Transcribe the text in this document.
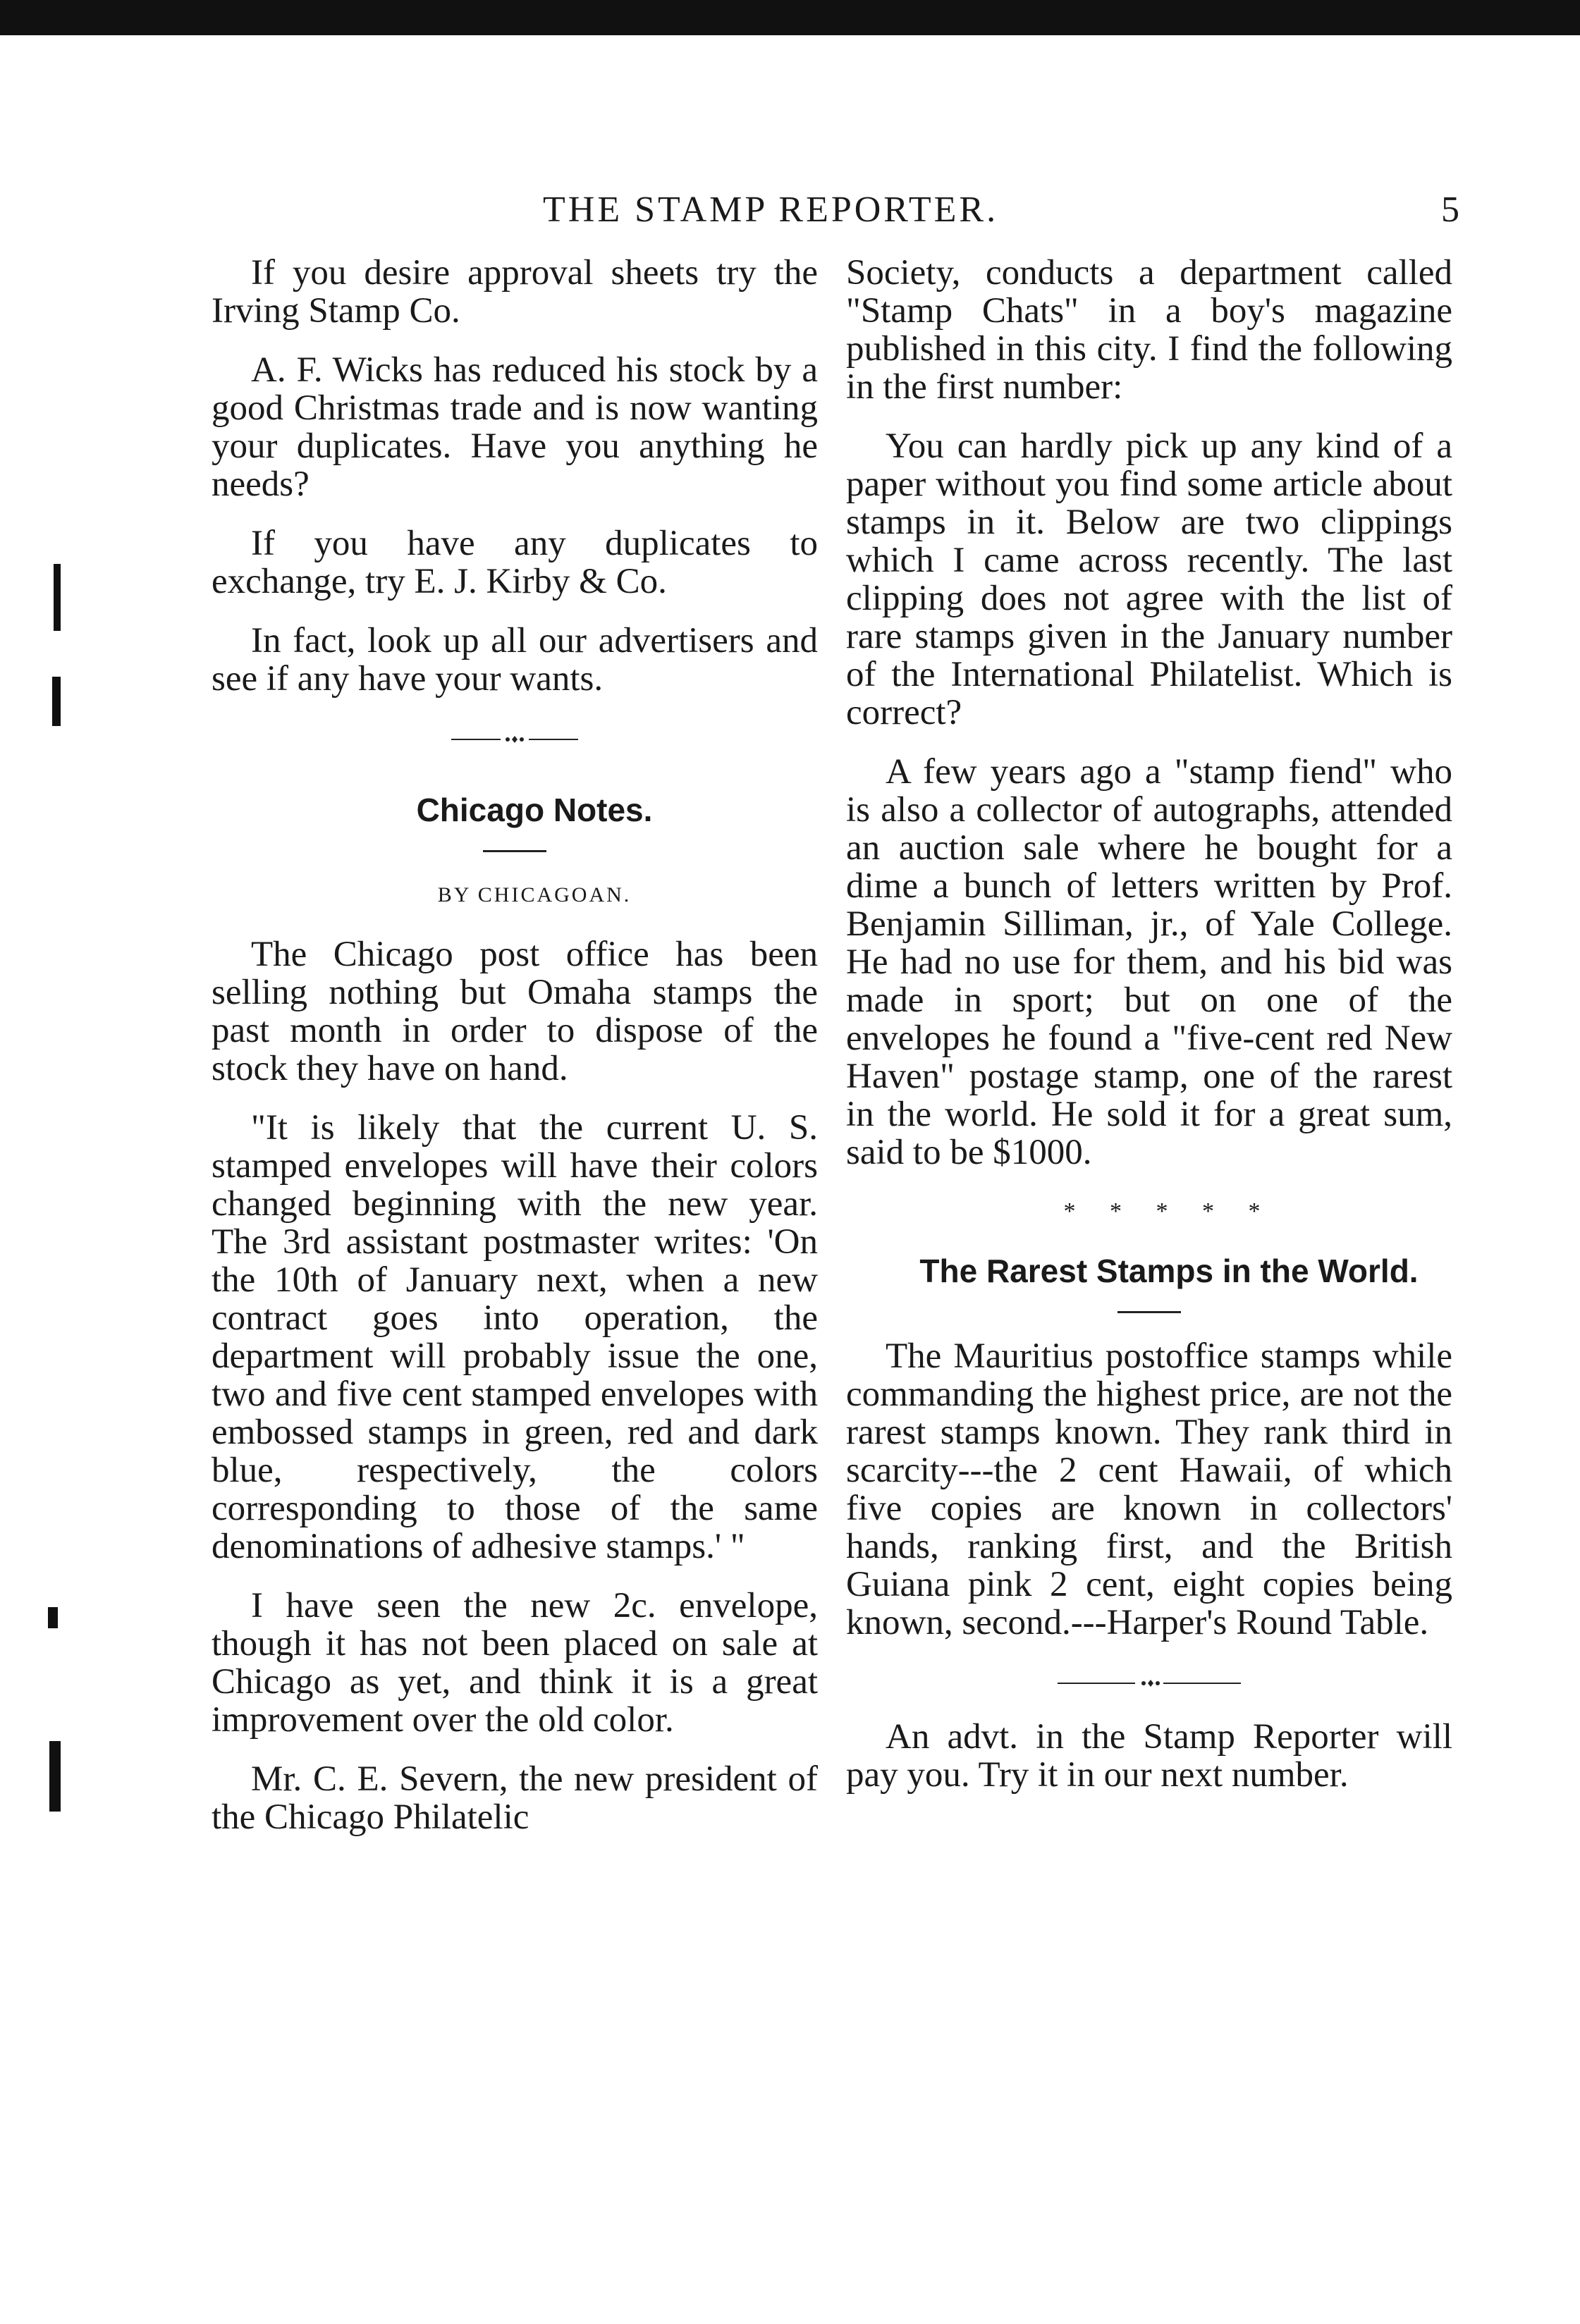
THE STAMP REPORTER.	5

If you desire approval sheets try the Irving Stamp Co.

A. F. Wicks has reduced his stock by a good Christmas trade and is now wanting your duplicates. Have you anything he needs?

If you have any duplicates to exchange, try E. J. Kirby & Co.

In fact, look up all our advertisers and see if any have your wants.

Chicago Notes.

BY CHICAGOAN.

The Chicago post office has been selling nothing but Omaha stamps the past month in order to dispose of the stock they have on hand.

"It is likely that the current U. S. stamped envelopes will have their colors changed beginning with the new year. The 3rd assistant postmaster writes: 'On the 10th of January next, when a new contract goes into operation, the department will probably issue the one, two and five cent stamped envelopes with embossed stamps in green, red and dark blue, respectively, the colors corresponding to those of the same denominations of adhesive stamps.' "

I have seen the new 2c. envelope, though it has not been placed on sale at Chicago as yet, and think it is a great improvement over the old color.

Mr. C. E. Severn, the new president of the Chicago Philatelic

Society, conducts a department called "Stamp Chats" in a boy's magazine published in this city. I find the following in the first number:

You can hardly pick up any kind of a paper without you find some article about stamps in it. Below are two clippings which I came across recently. The last clipping does not agree with the list of rare stamps given in the January number of the International Philatelist. Which is correct?

A few years ago a "stamp fiend" who is also a collector of autographs, attended an auction sale where he bought for a dime a bunch of letters written by Prof. Benjamin Silliman, jr., of Yale College. He had no use for them, and his bid was made in sport; but on one of the envelopes he found a "five-cent red New Haven" postage stamp, one of the rarest in the world. He sold it for a great sum, said to be $1000.

* * * * *

The Rarest Stamps in the World.

The Mauritius postoffice stamps while commanding the highest price, are not the rarest stamps known. They rank third in scarcity---the 2 cent Hawaii, of which five copies are known in collectors' hands, ranking first, and the British Guiana pink 2 cent, eight copies being known, second.---Harper's Round Table.

An advt. in the Stamp Reporter will pay you. Try it in our next number.
